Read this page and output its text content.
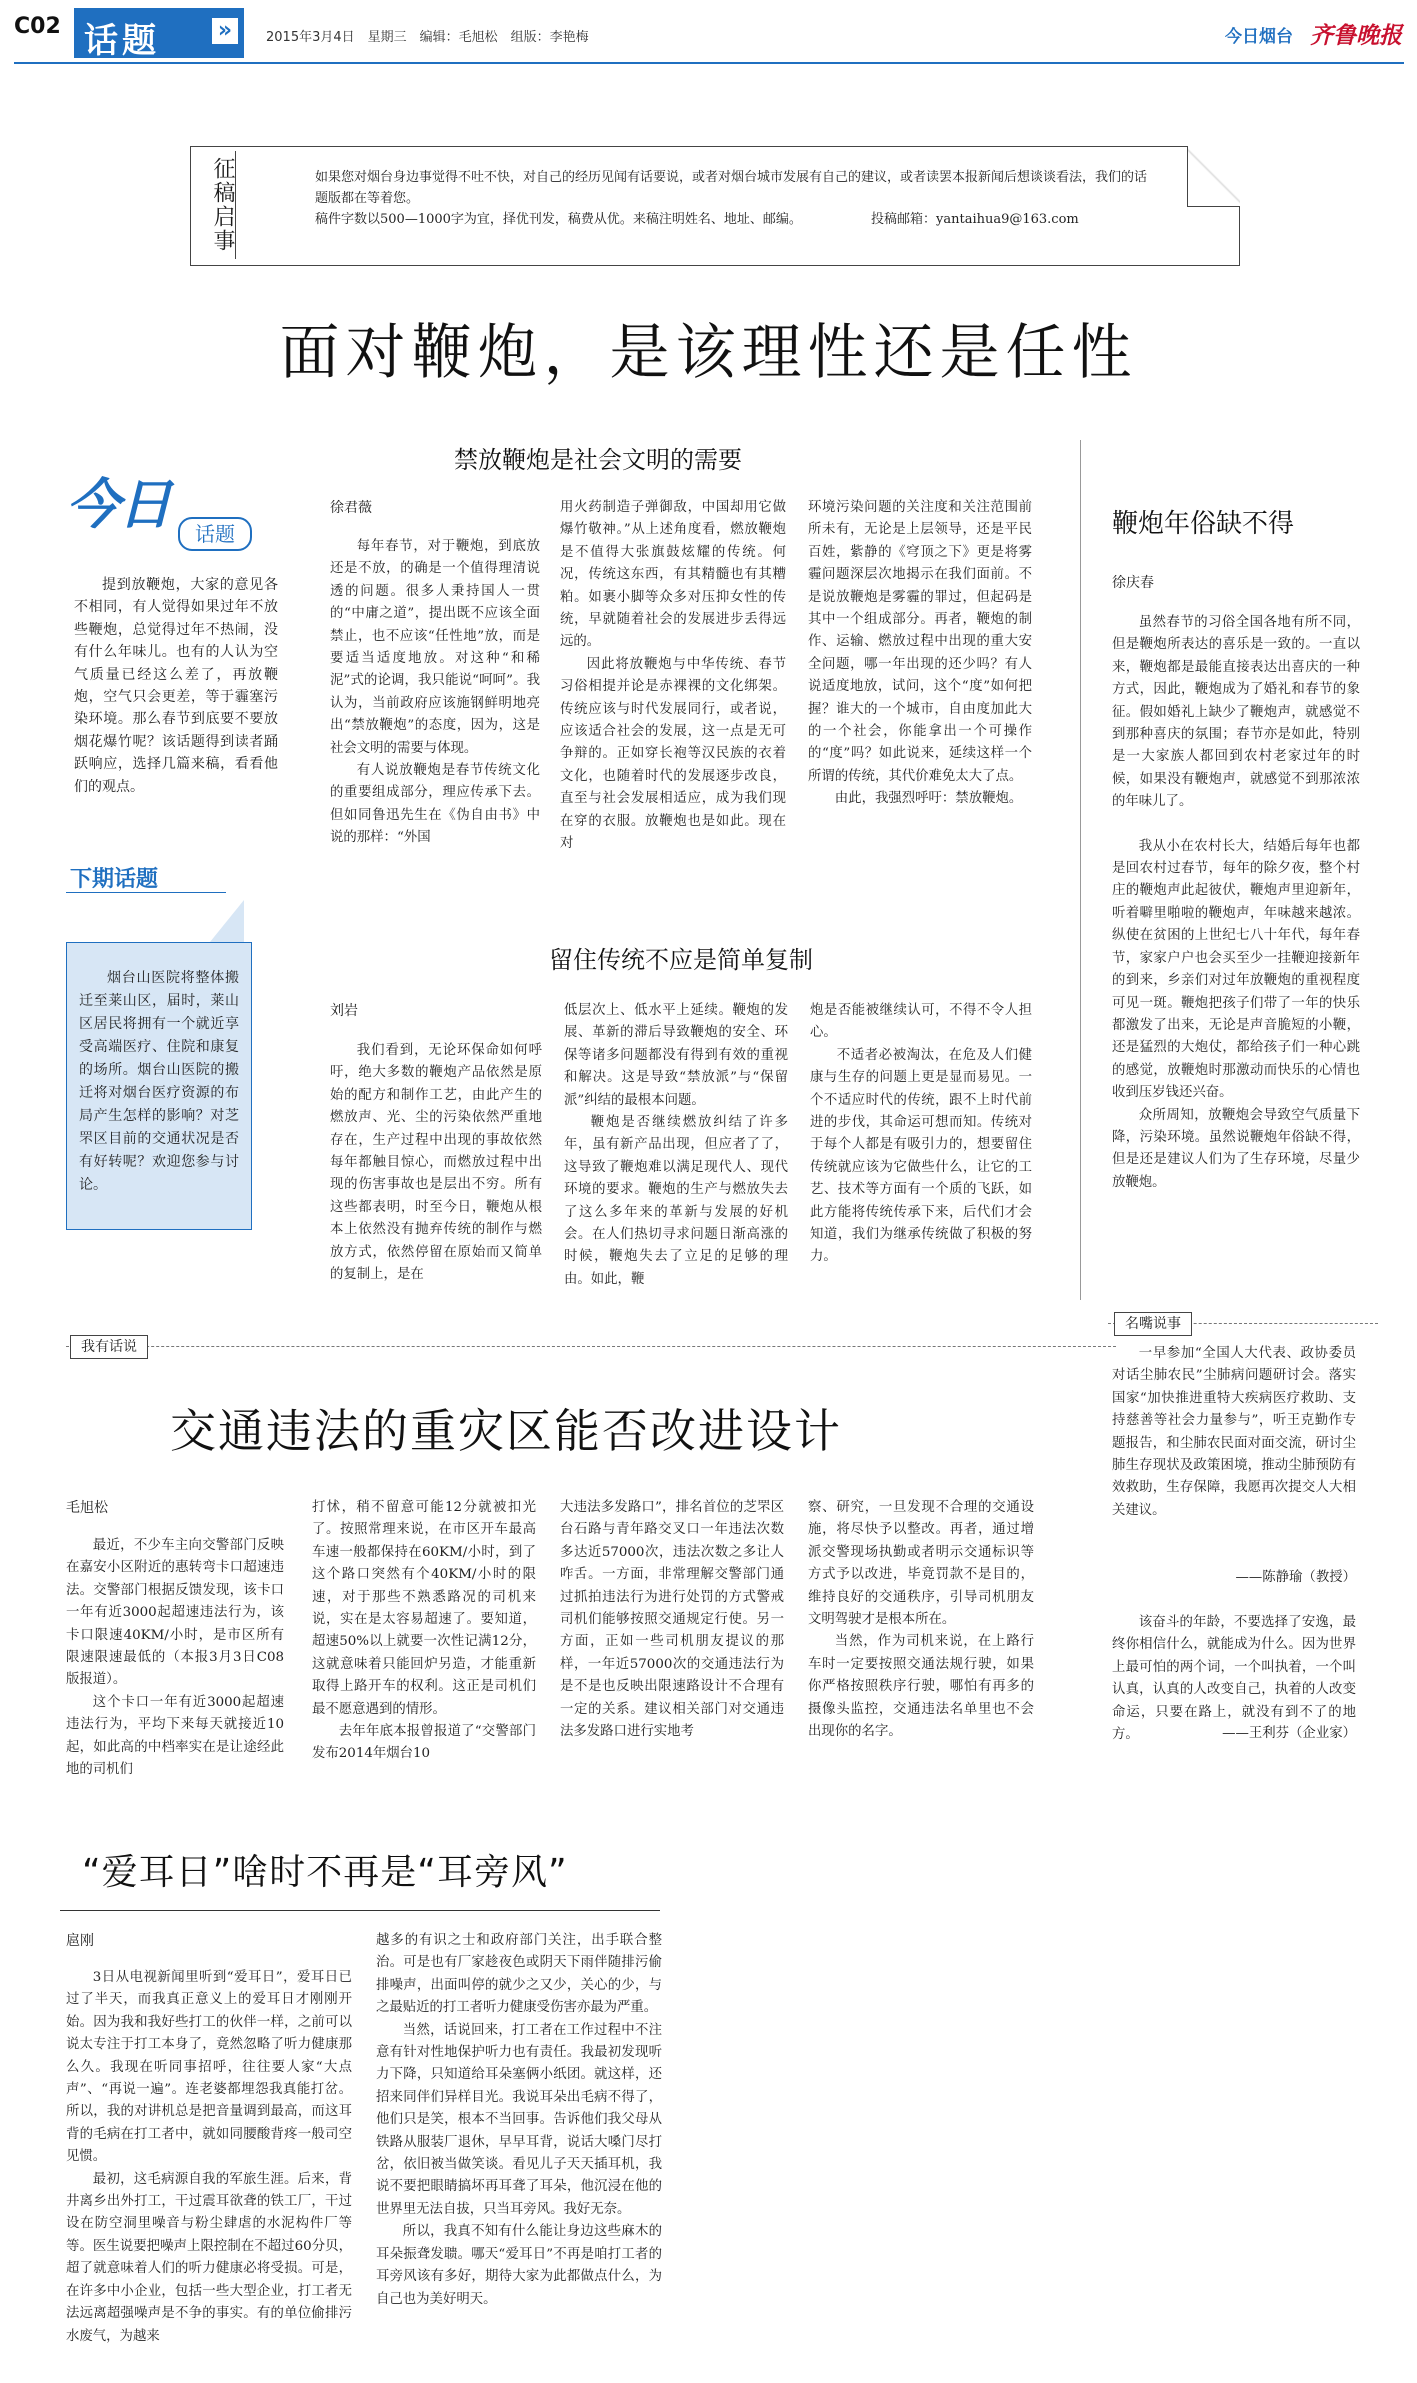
C02 话题	»	2015年3月4日　星期三　编辑：毛旭松　组版：李艳梅	今日烟台 齐鲁晚报
征稿启事	如果您对烟台身边事觉得不吐不快，对自己的经历见闻有话要说，或者对烟台城市发展有自己的建议，或者读罢本报新闻后想谈谈看法，我们的话题版都在等着您。
稿件字数以500—1000字为宜，择优刊发，稿费从优。来稿注明姓名、地址、邮编。	投稿邮箱：yantaihua9@163.com
面对鞭炮，是该理性还是任性
今日	话题

提到放鞭炮，大家的意见各不相同，有人觉得如果过年不放些鞭炮，总觉得过年不热闹，没有什么年味儿。也有的人认为空气质量已经这么差了，再放鞭炮，空气只会更差，等于霾塞污染环境。那么春节到底要不要放烟花爆竹呢？该话题得到读者踊跃响应，选择几篇来稿，看看他们的观点。

下期话题

烟台山医院将整体搬迁至莱山区，届时，莱山区居民将拥有一个就近享受高端医疗、住院和康复的场所。烟台山医院的搬迁将对烟台医疗资源的布局产生怎样的影响？对芝罘区目前的交通状况是否有好转呢？欢迎您参与讨论。

禁放鞭炮是社会文明的需要
徐君薇

每年春节，对于鞭炮，到底放还是不放，的确是一个值得理清说透的问题。很多人秉持国人一贯的“中庸之道”，提出既不应该全面禁止，也不应该“任性地”放，而是要适当适度地放。对这种“和稀泥”式的论调，我只能说“呵呵”。我认为，当前政府应该施钢鲜明地亮出“禁放鞭炮”的态度，因为，这是社会文明的需要与体现。

有人说放鞭炮是春节传统文化的重要组成部分，理应传承下去。但如同鲁迅先生在《伪自由书》中说的那样：“外国

用火药制造子弹御敌，中国却用它做爆竹敬神。”从上述角度看，燃放鞭炮是不值得大张旗鼓炫耀的传统。何况，传统这东西，有其精髓也有其糟粕。如裹小脚等众多对压抑女性的传统，早就随着社会的发展进步丢得远远的。

因此将放鞭炮与中华传统、春节习俗相提并论是赤裸裸的文化绑架。传统应该与时代发展同行，或者说，应该适合社会的发展，这一点是无可争辩的。正如穿长袍等汉民族的衣着文化，也随着时代的发展逐步改良，直至与社会发展相适应，成为我们现在穿的衣服。放鞭炮也是如此。现在对

环境污染问题的关注度和关注范围前所未有，无论是上层领导，还是平民百姓，紫静的《穹顶之下》更是将雾霾问题深层次地揭示在我们面前。不是说放鞭炮是雾霾的罪过，但起码是其中一个组成部分。再者，鞭炮的制作、运输、燃放过程中出现的重大安全问题，哪一年出现的还少吗？有人说适度地放，试问，这个“度”如何把握？谁大的一个城市，自由度加此大的一个社会，你能拿出一个可操作的“度”吗？如此说来，延续这样一个所谓的传统，其代价难免太大了点。

由此，我强烈呼吁：禁放鞭炮。

留住传统不应是简单复制
刘岩

我们看到，无论环保命如何呼吁，绝大多数的鞭炮产品依然是原始的配方和制作工艺，由此产生的燃放声、光、尘的污染依然严重地存在，生产过程中出现的事故依然每年都触目惊心，而燃放过程中出现的伤害事故也是层出不穷。所有这些都表明，时至今日，鞭炮从根本上依然没有抛弃传统的制作与燃放方式，依然停留在原始而又简单的复制上，是在

低层次上、低水平上延续。鞭炮的发展、革新的滞后导致鞭炮的安全、环保等诸多问题都没有得到有效的重视和解决。这是导致“禁放派”与“保留派”纠结的最根本问题。

鞭炮是否继续燃放纠结了许多年，虽有新产品出现，但应者了了，这导致了鞭炮难以满足现代人、现代环境的要求。鞭炮的生产与燃放失去了这么多年来的革新与发展的好机会。在人们热切寻求问题日渐高涨的时候，鞭炮失去了立足的足够的理由。如此，鞭

炮是否能被继续认可，不得不令人担心。

不适者必被淘汰，在危及人们健康与生存的问题上更是显而易见。一个不适应时代的传统，跟不上时代前进的步伐，其命运可想而知。传统对于每个人都是有吸引力的，想要留住传统就应该为它做些什么，让它的工艺、技术等方面有一个质的飞跃，如此方能将传统传承下来，后代们才会知道，我们为继承传统做了积极的努力。

鞭炮年俗缺不得
徐庆春

虽然春节的习俗全国各地有所不同，但是鞭炮所表达的喜乐是一致的。一直以来，鞭炮都是最能直接表达出喜庆的一种方式，因此，鞭炮成为了婚礼和春节的象征。假如婚礼上缺少了鞭炮声，就感觉不到那种喜庆的氛围；春节亦是如此，特别是一大家族人都回到农村老家过年的时候，如果没有鞭炮声，就感觉不到那浓浓的年味儿了。

我从小在农村长大，结婚后每年也都是回农村过春节，每年的除夕夜，整个村庄的鞭炮声此起彼伏，鞭炮声里迎新年，听着噼里啪啦的鞭炮声，年味越来越浓。纵使在贫困的上世纪七八十年代，每年春节，家家户户也会买至少一挂鞭迎接新年的到来，乡亲们对过年放鞭炮的重视程度可见一斑。鞭炮把孩子们带了一年的快乐都激发了出来，无论是声音脆短的小鞭，还是猛烈的大炮仗，都给孩子们一种心跳的感觉，放鞭炮时那激动而快乐的心情也收到压岁钱还兴奋。

众所周知，放鞭炮会导致空气质量下降，污染环境。虽然说鞭炮年俗缺不得，但是还是建议人们为了生存环境，尽量少放鞭炮。

我有话说
交通违法的重灾区能否改进设计
毛旭松

最近，不少车主向交警部门反映在嘉安小区附近的惠转弯卡口超速违法。交警部门根据反馈发现，该卡口一年有近3000起超速违法行为，该卡口限速40KM/小时，是市区所有限速限速最低的（本报3月3日C08版报道）。

这个卡口一年有近3000起超速违法行为，平均下来每天就接近10起，如此高的中档率实在是让途经此地的司机们

打怵，稍不留意可能12分就被扣光了。按照常理来说，在市区开车最高车速一般都保持在60KM/小时，到了这个路口突然有个40KM/小时的限速，对于那些不熟悉路况的司机来说，实在是太容易超速了。要知道，超速50%以上就要一次性记满12分，这就意味着只能回炉另造，才能重新取得上路开车的权利。这正是司机们最不愿意遇到的情形。

去年年底本报曾报道了“交警部门发布2014年烟台10

大违法多发路口”，排名首位的芝罘区台石路与青年路交叉口一年违法次数多达近57000次，违法次数之多让人咋舌。一方面，非常理解交警部门通过抓拍违法行为进行处罚的方式警戒司机们能够按照交通规定行使。另一方面，正如一些司机朋友提议的那样，一年近57000次的交通违法行为是不是也反映出限速路设计不合理有一定的关系。建议相关部门对交通违法多发路口进行实地考

察、研究，一旦发现不合理的交通设施，将尽快予以整改。再者，通过增派交警现场执勤或者明示交通标识等方式予以改进，毕竟罚款不是目的，维持良好的交通秩序，引导司机朋友文明驾驶才是根本所在。

当然，作为司机来说，在上路行车时一定要按照交通法规行驶，如果你严格按照秩序行驶，哪怕有再多的摄像头监控，交通违法名单里也不会出现你的名字。

名嘴说事

一早参加“全国人大代表、政协委员对话尘肺农民”尘肺病问题研讨会。落实国家“加快推进重特大疾病医疗救助、支持慈善等社会力量参与”，听王克勤作专题报告，和尘肺农民面对面交流，研讨尘肺生存现状及政策困境，推动尘肺预防有效救助，生存保障，我愿再次提交人大相关建议。

——陈静瑜（教授）

该奋斗的年龄，不要选择了安逸，最终你相信什么，就能成为什么。因为世界上最可怕的两个词，一个叫执着，一个叫认真，认真的人改变自己，执着的人改变命运，只要在路上，就没有到不了的地方。	——王利芬（企业家）
“爱耳日”啥时不再是“耳旁风”
扈刚

3日从电视新闻里听到“爱耳日”，爱耳日已过了半天，而我真正意义上的爱耳日才刚刚开始。因为我和我好些打工的伙伴一样，之前可以说太专注于打工本身了，竟然忽略了听力健康那么久。我现在听同事招呼，往往要人家“大点声”、“再说一遍”。连老婆都埋怨我真能打岔。所以，我的对讲机总是把音量调到最高，而这耳背的毛病在打工者中，就如同腰酸背疼一般司空见惯。

最初，这毛病源自我的军旅生涯。后来，背井离乡出外打工，干过震耳欲聋的铁工厂，干过设在防空洞里噪音与粉尘肆虐的水泥构件厂等等。医生说要把噪声上限控制在不超过60分贝，超了就意味着人们的听力健康必将受损。可是，在许多中小企业，包括一些大型企业，打工者无法远离超强噪声是不争的事实。有的单位偷排污水废气，为越来

越多的有识之士和政府部门关注，出手联合整治。可是也有厂家趁夜色或阴天下雨伴随排污偷排噪声，出面叫停的就少之又少，关心的少，与之最贴近的打工者听力健康受伤害亦最为严重。

当然，话说回来，打工者在工作过程中不注意有针对性地保护听力也有责任。我最初发现听力下降，只知道给耳朵塞俩小纸团。就这样，还招来同伴们异样目光。我说耳朵出毛病不得了，他们只是笑，根本不当回事。告诉他们我父母从铁路从服装厂退休，早早耳背，说话大嗓门尽打岔，依旧被当做笑谈。看见儿子天天插耳机，我说不要把眼睛搞坏再耳聋了耳朵，他沉浸在他的世界里无法自拔，只当耳旁风。我好无奈。

所以，我真不知有什么能让身边这些麻木的耳朵振聋发聩。哪天“爱耳日”不再是咱打工者的耳旁风该有多好，期待大家为此都做点什么，为自己也为美好明天。
